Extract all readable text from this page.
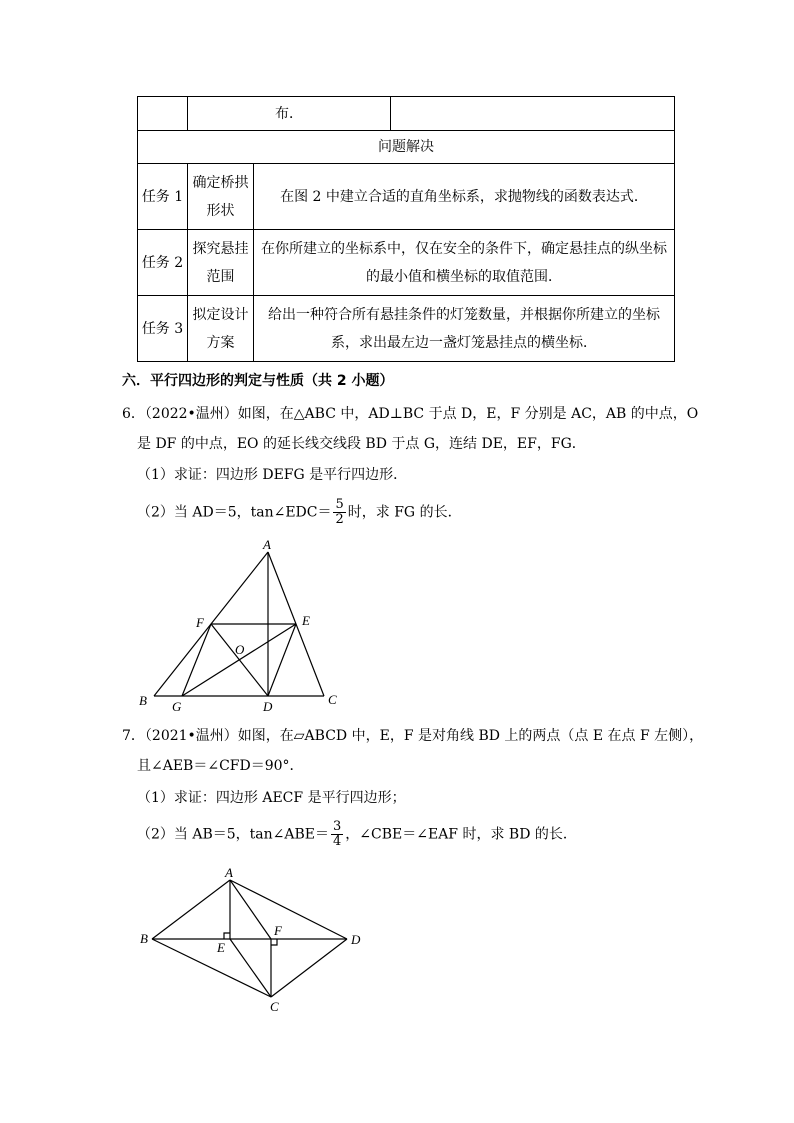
	布．		
问题解决			
任务 1	确定桥拱形状	在图 2 中建立合适的直角坐标系，求抛物线的函数表达式．	
任务 2	探究悬挂范围	在你所建立的坐标系中，仅在安全的条件下，确定悬挂点的纵坐标的最小值和横坐标的取值范围．	
任务 3	拟定设计方案	给出一种符合所有悬挂条件的灯笼数量，并根据你所建立的坐标系，求出最左边一盏灯笼悬挂点的横坐标．	
六．平行四边形的判定与性质（共 2 小题）
6．（2022•温州）如图，在△ABC 中，AD⊥BC 于点 D，E，F 分别是 AC，AB 的中点，O
是 DF 的中点，EO 的延长线交线段 BD 于点 G，连结 DE，EF，FG．
（1）求证：四边形 DEFG 是平行四边形．
（2）当 AD＝5，tan∠EDC＝ $\frac{5}{2}$ 时，求 FG 的长．
A
B	C
D
E
F
G
O
7．（2021•温州）如图，在▱ABCD 中，E，F 是对角线 BD 上的两点（点 E 在点 F 左侧），
且∠AEB＝∠CFD＝90°．
（1）求证：四边形 AECF 是平行四边形；
（2）当 AB＝5，tan∠ABE＝ $\frac{3}{4}$ ，∠CBE＝∠EAF 时，求 BD 的长．
A
B
C
D
E
F
